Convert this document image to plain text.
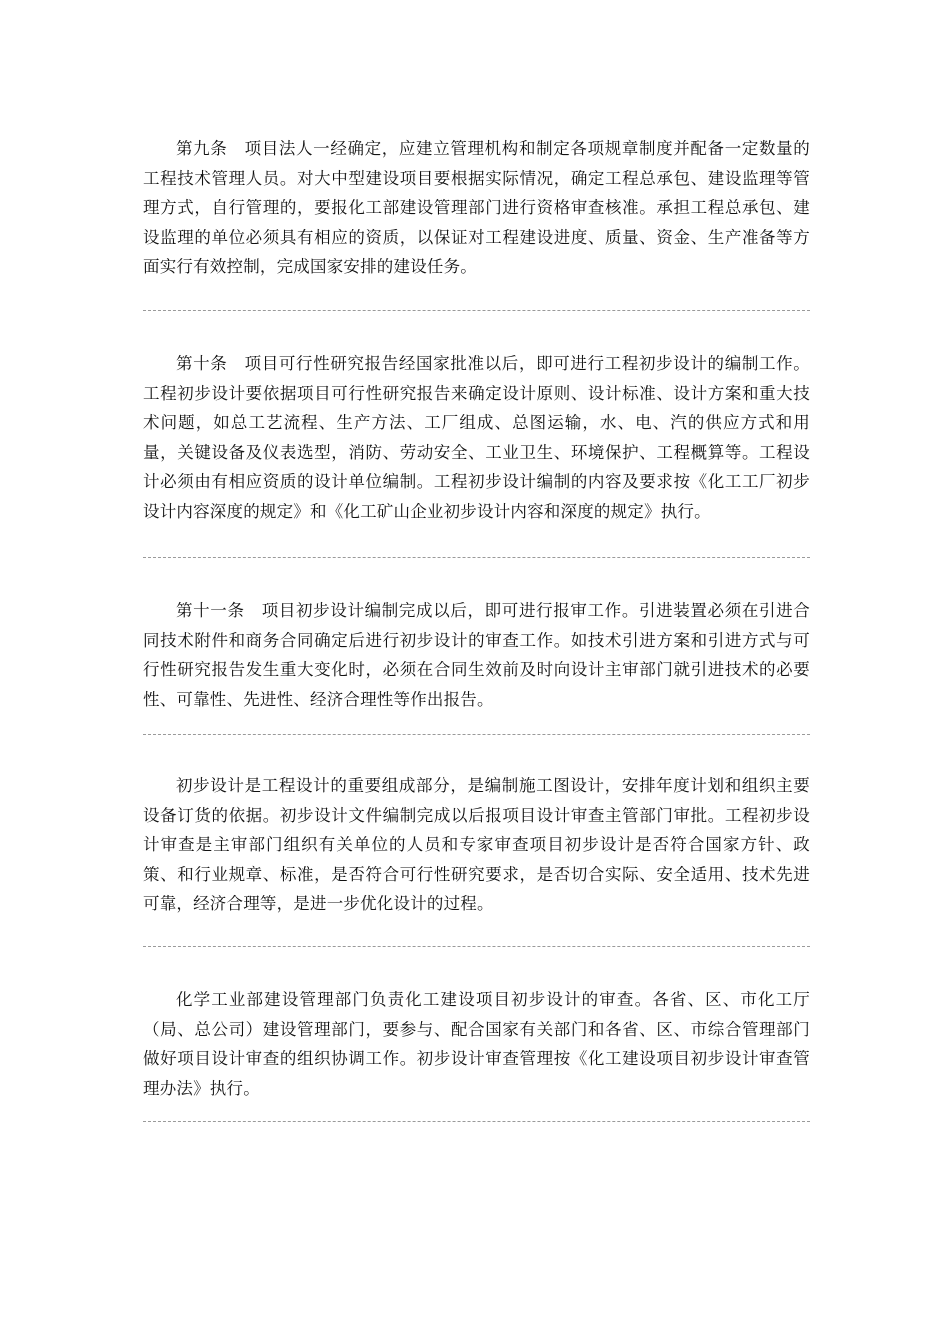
第九条　项目法人一经确定，应建立管理机构和制定各项规章制度并配备一定数量的工程技术管理人员。对大中型建设项目要根据实际情况，确定工程总承包、建设监理等管理方式，自行管理的，要报化工部建设管理部门进行资格审查核准。承担工程总承包、建设监理的单位必须具有相应的资质，以保证对工程建设进度、质量、资金、生产准备等方面实行有效控制，完成国家安排的建设任务。

第十条　项目可行性研究报告经国家批准以后，即可进行工程初步设计的编制工作。工程初步设计要依据项目可行性研究报告来确定设计原则、设计标准、设计方案和重大技术问题，如总工艺流程、生产方法、工厂组成、总图运输，水、电、汽的供应方式和用量，关键设备及仪表选型，消防、劳动安全、工业卫生、环境保护、工程概算等。工程设计必须由有相应资质的设计单位编制。工程初步设计编制的内容及要求按《化工工厂初步设计内容深度的规定》和《化工矿山企业初步设计内容和深度的规定》执行。

第十一条　项目初步设计编制完成以后，即可进行报审工作。引进装置必须在引进合同技术附件和商务合同确定后进行初步设计的审查工作。如技术引进方案和引进方式与可行性研究报告发生重大变化时，必须在合同生效前及时向设计主审部门就引进技术的必要性、可靠性、先进性、经济合理性等作出报告。

初步设计是工程设计的重要组成部分，是编制施工图设计，安排年度计划和组织主要设备订货的依据。初步设计文件编制完成以后报项目设计审查主管部门审批。工程初步设计审查是主审部门组织有关单位的人员和专家审查项目初步设计是否符合国家方针、政策、和行业规章、标准，是否符合可行性研究要求，是否切合实际、安全适用、技术先进可靠，经济合理等，是进一步优化设计的过程。

化学工业部建设管理部门负责化工建设项目初步设计的审查。各省、区、市化工厅（局、总公司）建设管理部门，要参与、配合国家有关部门和各省、区、市综合管理部门做好项目设计审查的组织协调工作。初步设计审查管理按《化工建设项目初步设计审查管理办法》执行。
